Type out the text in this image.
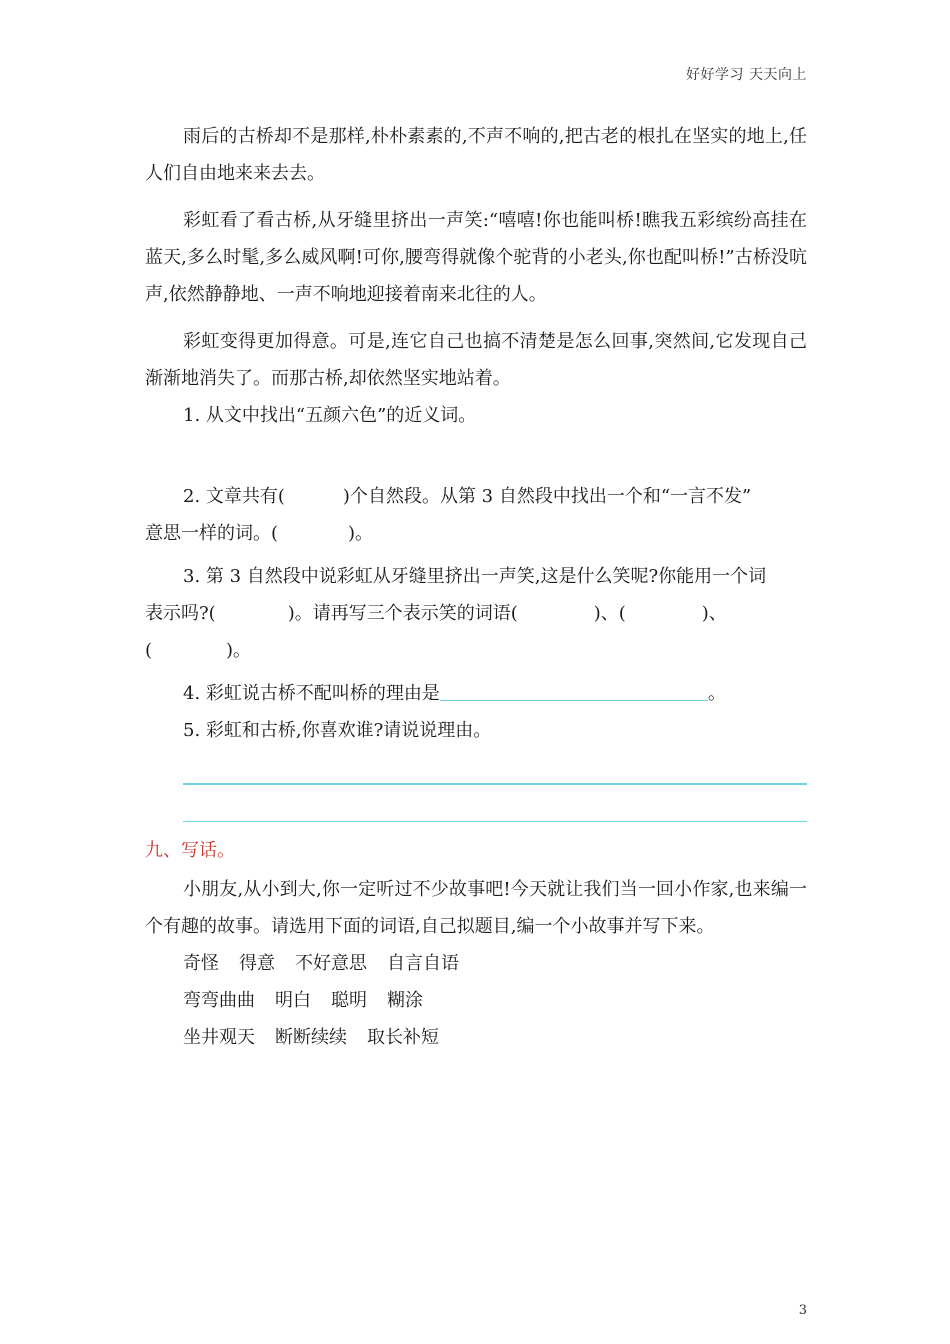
好好学习 天天向上

雨后的古桥却不是那样,朴朴素素的,不声不响的,把古老的根扎在坚实的地上,任人们自由地来来去去。

彩虹看了看古桥,从牙缝里挤出一声笑:“嘻嘻!你也能叫桥!瞧我五彩缤纷高挂在蓝天,多么时髦,多么威风啊!可你,腰弯得就像个驼背的小老头,你也配叫桥!”古桥没吭声,依然静静地、一声不响地迎接着南来北往的人。

彩虹变得更加得意。可是,连它自己也搞不清楚是怎么回事,突然间,它发现自己渐渐地消失了。而那古桥,却依然坚实地站着。

1. 从文中找出“五颜六色”的近义词。

2. 文章共有(	)个自然段。从第 3 自然段中找出一个和“一言不发”

意思一样的词。(	)。

3. 第 3 自然段中说彩虹从牙缝里挤出一声笑,这是什么笑呢?你能用一个词

表示吗?(	)。请再写三个表示笑的词语(	)、(	)、

(	)。

4. 彩虹说古桥不配叫桥的理由是	。

5. 彩虹和古桥,你喜欢谁?请说说理由。

九、写话。

小朋友,从小到大,你一定听过不少故事吧!今天就让我们当一回小作家,也来编一个有趣的故事。请选用下面的词语,自己拟题目,编一个小故事并写下来。

奇怪 得意 不好意思 自言自语
弯弯曲曲 明白 聪明 糊涂
坐井观天 断断续续 取长补短
3
